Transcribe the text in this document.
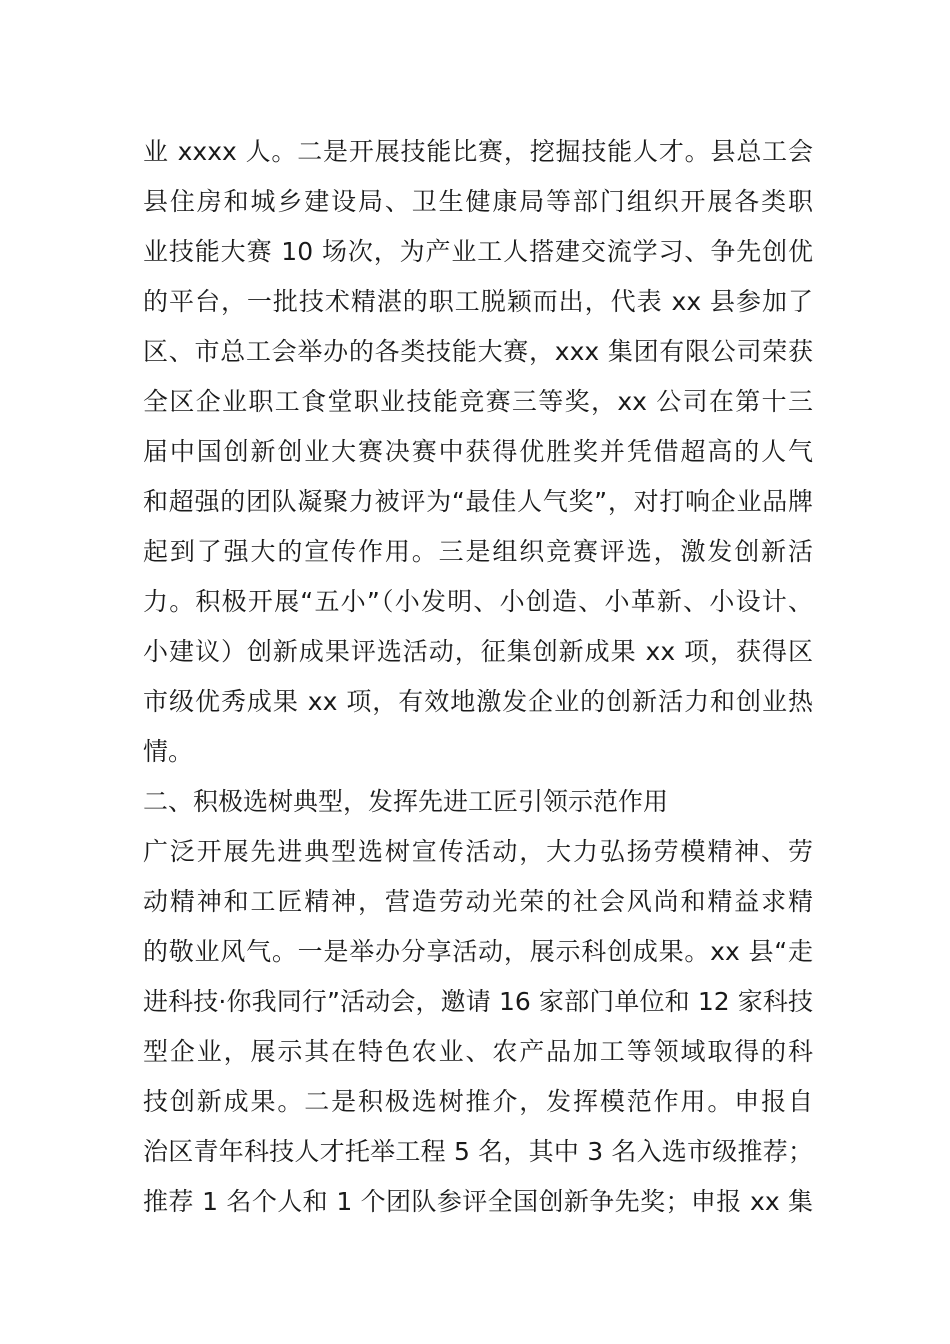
业 xxxx 人。二是开展技能比赛，挖掘技能人才。县总工会
县住房和城乡建设局、卫生健康局等部门组织开展各类职
业技能大赛 10 场次，为产业工人搭建交流学习、争先创优
的平台，一批技术精湛的职工脱颖而出，代表 xx 县参加了
区、市总工会举办的各类技能大赛，xxx 集团有限公司荣获
全区企业职工食堂职业技能竞赛三等奖，xx 公司在第十三
届中国创新创业大赛决赛中获得优胜奖并凭借超高的人气
和超强的团队凝聚力被评为“最佳人气奖”，对打响企业品牌
起到了强大的宣传作用。三是组织竞赛评选，激发创新活
力。积极开展“五小”（小发明、小创造、小革新、小设计、
小建议）创新成果评选活动，征集创新成果 xx 项，获得区
市级优秀成果 xx 项，有效地激发企业的创新活力和创业热
情。
二、积极选树典型，发挥先进工匠引领示范作用
广泛开展先进典型选树宣传活动，大力弘扬劳模精神、劳
动精神和工匠精神，营造劳动光荣的社会风尚和精益求精
的敬业风气。一是举办分享活动，展示科创成果。xx 县“走
进科技·你我同行”活动会，邀请 16 家部门单位和 12 家科技
型企业，展示其在特色农业、农产品加工等领域取得的科
技创新成果。二是积极选树推介，发挥模范作用。申报自
治区青年科技人才托举工程 5 名，其中 3 名入选市级推荐；
推荐 1 名个人和 1 个团队参评全国创新争先奖；申报 xx 集
